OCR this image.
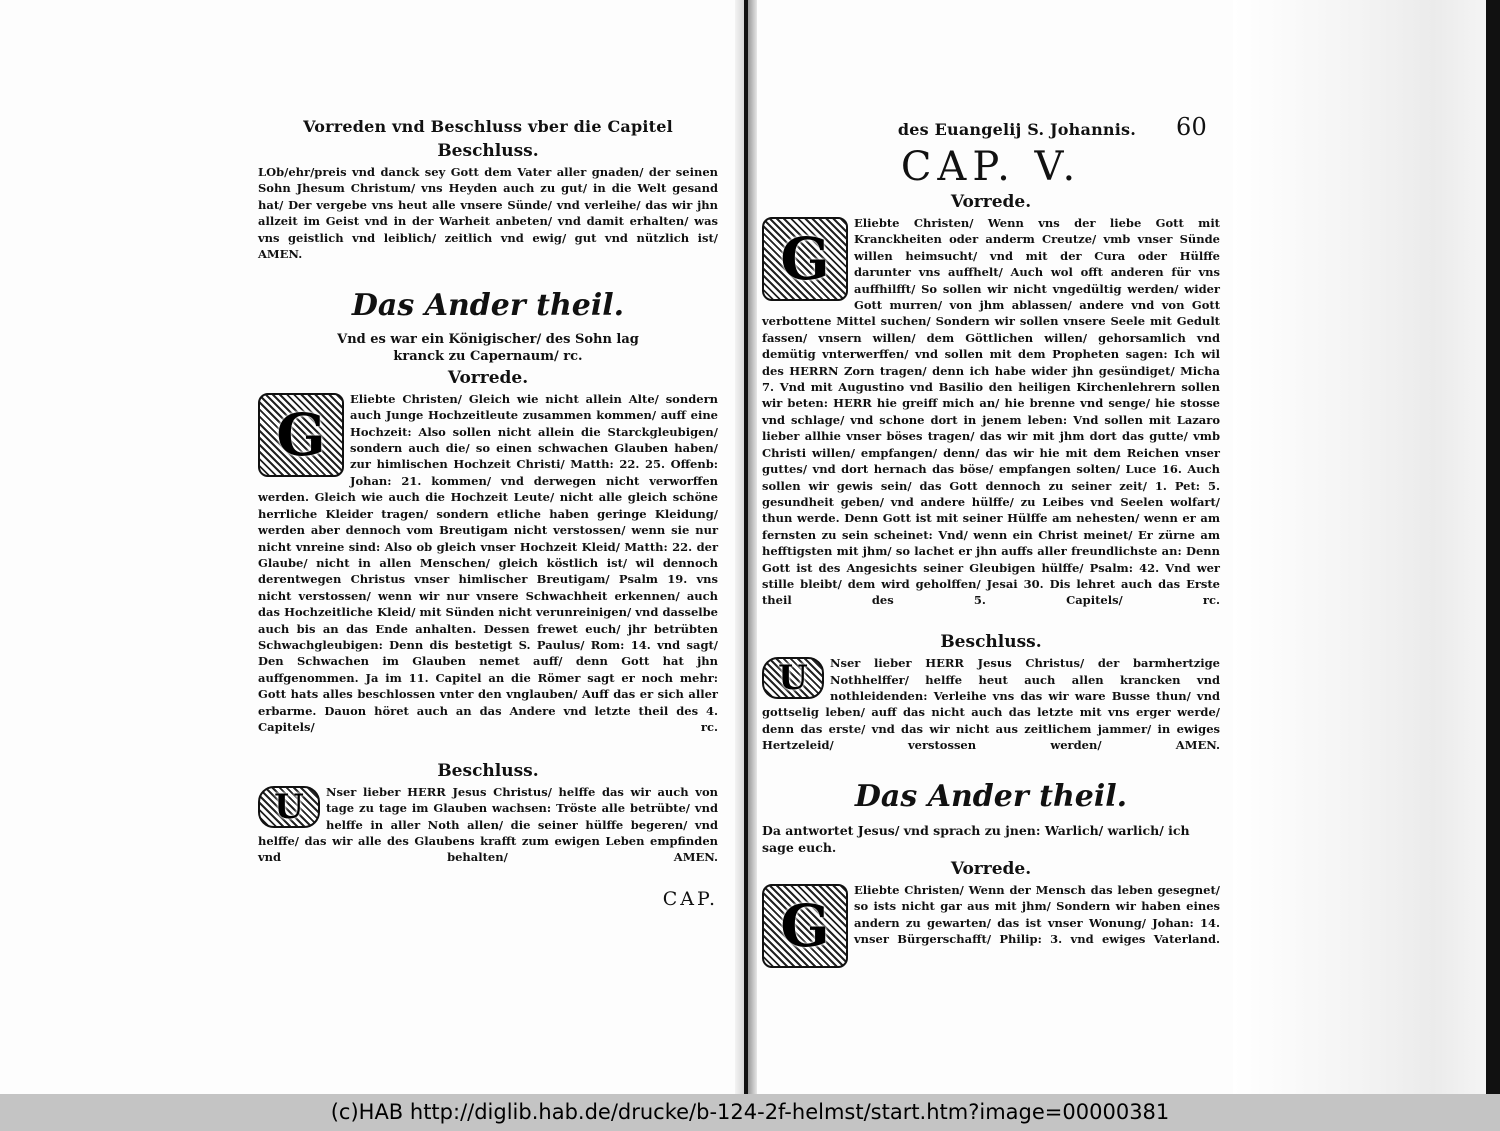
Vorreden vnd Beschluss vber die Capitel
Beschluss.

LOb/ehr/preis vnd danck sey Gott dem Vater aller gnaden/ der seinen Sohn Jhesum Christum/ vns Heyden auch zu gut/ in die Welt gesand hat/ Der vergebe vns heut alle vnsere Sünde/ vnd verleihe/ das wir jhn allzeit im Geist vnd in der Warheit anbeten/ vnd damit erhalten/ was vns geistlich vnd leiblich/ zeitlich vnd ewig/ gut vnd nützlich ist/ AMEN.

Das Ander theil.
Vnd es war ein Königischer/ des Sohn lag
kranck zu Capernaum/ rc.
Vorrede.
G
Eliebte Christen/ Gleich wie nicht allein Alte/ sondern auch Junge Hochzeitleute zusammen kommen/ auff eine Hochzeit: Also sollen nicht allein die Starckgleubigen/ sondern auch die/ so einen schwachen Glauben haben/ zur himlischen Hochzeit Christi/ Matth: 22. 25. Offenb: Johan: 21. kommen/ vnd derwegen nicht verworffen werden. Gleich wie auch die Hochzeit Leute/ nicht alle gleich schöne herrliche Kleider tragen/ sondern etliche haben geringe Kleidung/ werden aber dennoch vom Breutigam nicht verstossen/ wenn sie nur nicht vnreine sind: Also ob gleich vnser Hochzeit Kleid/ Matth: 22. der Glaube/ nicht in allen Menschen/ gleich köstlich ist/ wil dennoch derentwegen Christus vnser himlischer Breutigam/ Psalm 19. vns nicht verstossen/ wenn wir nur vnsere Schwachheit erkennen/ auch das Hochzeitliche Kleid/ mit Sünden nicht verunreinigen/ vnd dasselbe auch bis an das Ende anhalten. Dessen frewet euch/ jhr betrübten Schwachgleubigen: Denn dis bestetigt S. Paulus/ Rom: 14. vnd sagt/ Den Schwachen im Glauben nemet auff/ denn Gott hat jhn auffgenommen. Ja im 11. Capitel an die Römer sagt er noch mehr: Gott hats alles beschlossen vnter den vnglauben/ Auff das er sich aller erbarme. Dauon höret auch an das Andere vnd letzte theil des 4. Capitels/ rc.
Beschluss.
U	Nser lieber HERR Jesus Christus/ helffe das wir auch von tage zu tage im Glauben wachsen: Tröste alle betrübte/ vnd helffe in aller Noth allen/ die seiner hülffe begeren/ vnd helffe/ das wir alle des Glaubens krafft zum ewigen Leben empfinden vnd behalten/ AMEN.
CAP.
des Euangelij S. Johannis.	60
CAP. V.
Vorrede.
G
Eliebte Christen/ Wenn vns der liebe Gott mit Kranckheiten oder anderm Creutze/ vmb vnser Sünde willen heimsucht/ vnd mit der Cura oder Hülffe darunter vns auffhelt/ Auch wol offt anderen für vns auffhilfft/ So sollen wir nicht vngedültig werden/ wider Gott murren/ von jhm ablassen/ andere vnd von Gott verbottene Mittel suchen/ Sondern wir sollen vnsere Seele mit Gedult fassen/ vnsern willen/ dem Göttlichen willen/ gehorsamlich vnd demütig vnterwerffen/ vnd sollen mit dem Propheten sagen: Ich wil des HERRN Zorn tragen/ denn ich habe wider jhn gesündiget/ Micha 7. Vnd mit Augustino vnd Basilio den heiligen Kirchenlehrern sollen wir beten: HERR hie greiff mich an/ hie brenne vnd senge/ hie stosse vnd schlage/ vnd schone dort in jenem leben: Vnd sollen mit Lazaro lieber allhie vnser böses tragen/ das wir mit jhm dort das gutte/ vmb Christi willen/ empfangen/ denn/ das wir hie mit dem Reichen vnser guttes/ vnd dort hernach das böse/ empfangen solten/ Luce 16. Auch sollen wir gewis sein/ das Gott dennoch zu seiner zeit/ 1. Pet: 5. gesundheit geben/ vnd andere hülffe/ zu Leibes vnd Seelen wolfart/ thun werde. Denn Gott ist mit seiner Hülffe am nehesten/ wenn er am fernsten zu sein scheinet: Vnd/ wenn ein Christ meinet/ Er zürne am hefftigsten mit jhm/ so lachet er jhn auffs aller freundlichste an: Denn Gott ist des Angesichts seiner Gleubigen hülffe/ Psalm: 42. Vnd wer stille bleibt/ dem wird geholffen/ Jesai 30. Dis lehret auch das Erste theil des 5. Capitels/ rc.
Beschluss.
U	Nser lieber HERR Jesus Christus/ der barmhertzige Nothhelffer/ helffe heut auch allen krancken vnd nothleidenden: Verleihe vns das wir ware Busse thun/ vnd gottselig leben/ auff das nicht auch das letzte mit vns erger werde/ denn das erste/ vnd das wir nicht aus zeitlichem jammer/ in ewiges Hertzeleid/ verstossen werden/ AMEN.
Das Ander theil.
Da antwortet Jesus/ vnd sprach zu jnen: Warlich/ warlich/ ich sage euch.
Vorrede.
G
Eliebte Christen/ Wenn der Mensch das leben gesegnet/ so ists nicht gar aus mit jhm/ Sondern wir haben eines andern zu gewarten/ das ist vnser Wonung/ Johan: 14. vnser Bürgerschafft/ Philip: 3. vnd ewiges Vaterland.
(c)HAB http://diglib.hab.de/drucke/b-124-2f-helmst/start.htm?image=00000381
